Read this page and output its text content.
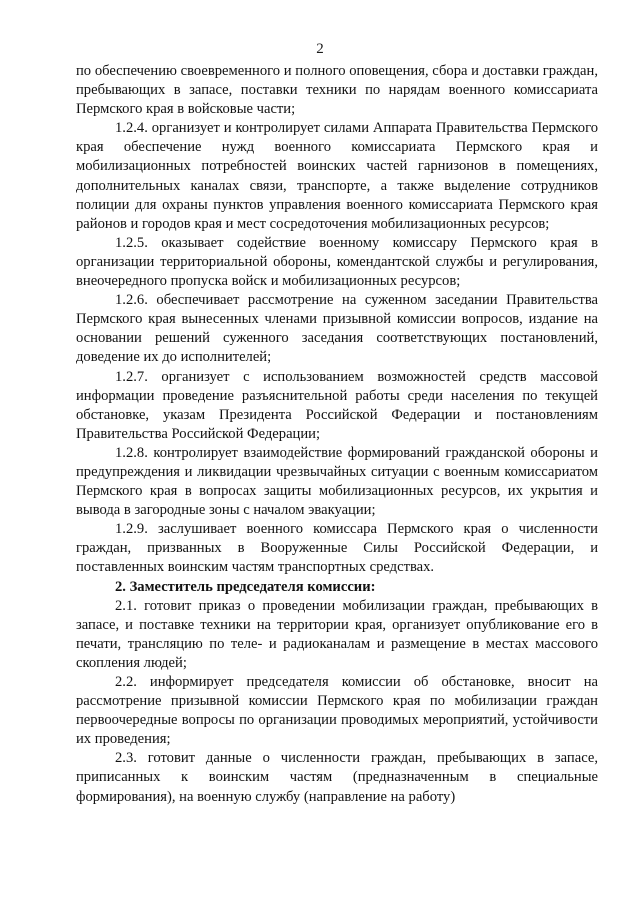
2

по обеспечению своевременного и полного оповещения, сбора и доставки граждан, пребывающих в запасе, поставки техники по нарядам военного комиссариата Пермского края в войсковые части;

1.2.4. организует и контролирует силами Аппарата Правительства Пермского края обеспечение нужд военного комиссариата Пермского края и мобилизационных потребностей воинских частей гарнизонов в помещениях, дополнительных каналах связи, транспорте, а также выделение сотрудников полиции для охраны пунктов управления военного комиссариата Пермского края районов и городов края и мест сосредоточения мобилизационных ресурсов;

1.2.5. оказывает содействие военному комиссару Пермского края в организации территориальной обороны, комендантской службы и регулирования, внеочередного пропуска войск и мобилизационных ресурсов;

1.2.6. обеспечивает рассмотрение на суженном заседании Правительства Пермского края вынесенных членами призывной комиссии вопросов, издание на основании решений суженного заседания соответствующих постановлений, доведение их до исполнителей;

1.2.7. организует с использованием возможностей средств массовой информации проведение разъяснительной работы среди населения по текущей обстановке, указам Президента Российской Федерации и постановлениям Правительства Российской Федерации;

1.2.8. контролирует взаимодействие формирований гражданской обороны и предупреждения и ликвидации чрезвычайных ситуации с военным комиссариатом Пермского края в вопросах защиты мобилизационных ресурсов, их укрытия и вывода в загородные зоны с началом эвакуации;

1.2.9. заслушивает военного комиссара Пермского края о численности граждан, призванных в Вооруженные Силы Российской Федерации, и поставленных воинским частям транспортных средствах.

2. Заместитель председателя комиссии:

2.1. готовит приказ о проведении мобилизации граждан, пребывающих в запасе, и поставке техники на территории края, организует опубликование его в печати, трансляцию по теле- и радиоканалам и размещение в местах массового скопления людей;

2.2. информирует председателя комиссии об обстановке, вносит на рассмотрение призывной комиссии Пермского края по мобилизации граждан первоочередные вопросы по организации проводимых мероприятий, устойчивости их проведения;

2.3. готовит данные о численности граждан, пребывающих в запасе, приписанных к воинским частям (предназначенным в специальные формирования), на военную службу (направление на работу)
